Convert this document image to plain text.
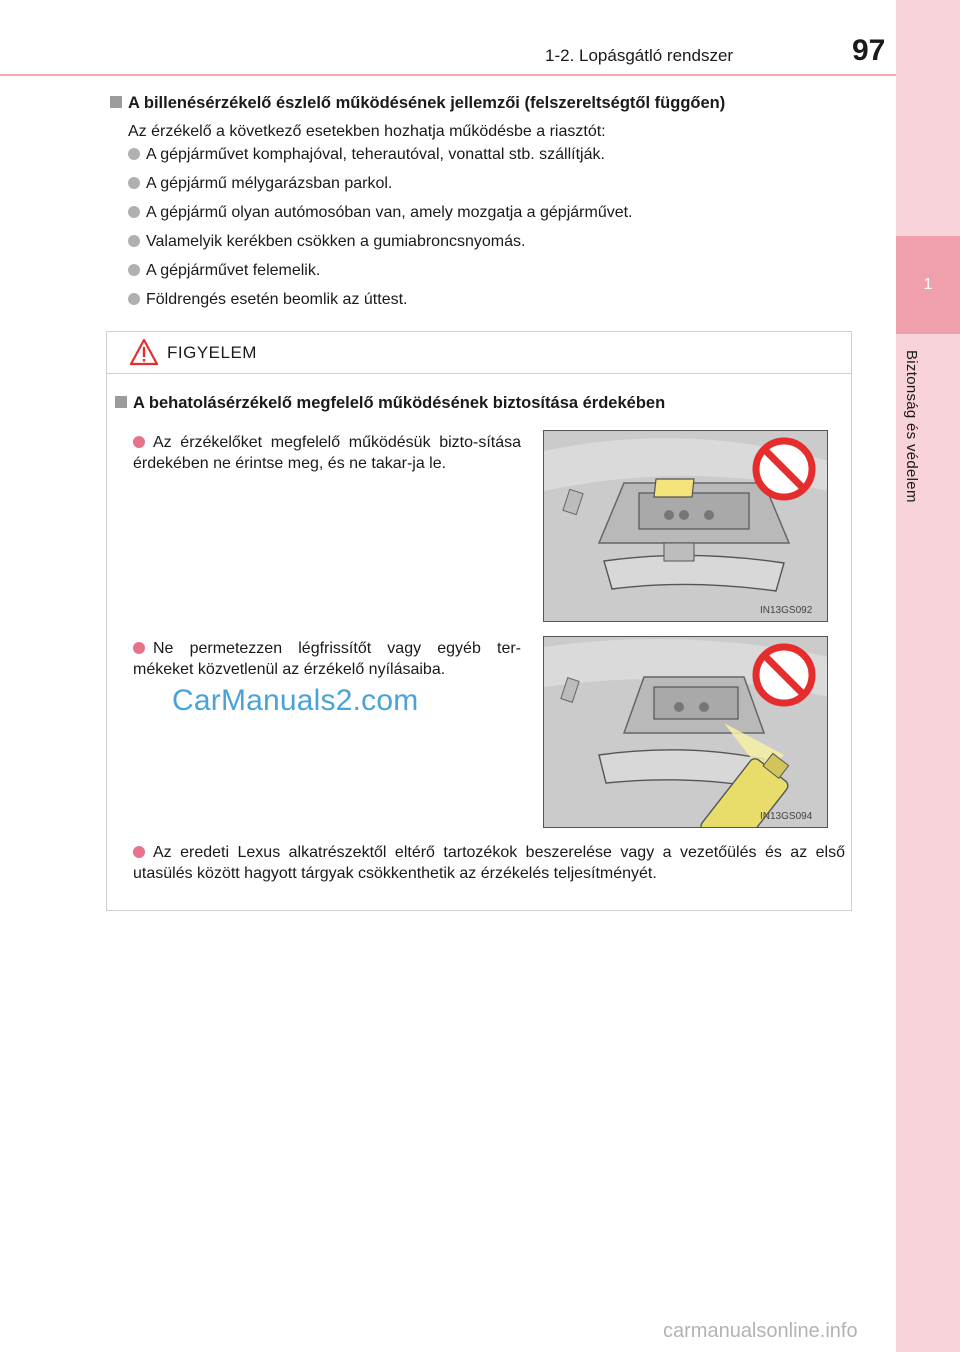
1-2. Lopásgátló rendszer	97
1
Biztonság és védelem
A billenésérzékelő észlelő működésének jellemzői (felszereltségtől függően)
Az érzékelő a következő esetekben hozhatja működésbe a riasztót:
A gépjárművet komphajóval, teherautóval, vonattal stb. szállítják.
A gépjármű mélygarázsban parkol.
A gépjármű olyan autómosóban van, amely mozgatja a gépjárművet.
Valamelyik kerékben csökken a gumiabroncsnyomás.
A gépjárművet felemelik.
Földrengés esetén beomlik az úttest.
FIGYELEM
A behatolásérzékelő megfelelő működésének biztosítása érdekében
Az érzékelőket megfelelő működésük bizto-sítása érdekében ne érintse meg, és ne takar-ja le.
Ne permetezzen légfrissítőt vagy egyéb ter-mékeket közvetlenül az érzékelő nyílásaiba.
Az eredeti Lexus alkatrészektől eltérő tartozékok beszerelése vagy a vezetőülés és az első utasülés között hagyott tárgyak csökkenthetik az érzékelés teljesítményét.
IN13GS092
IN13GS094
CarManuals2.com
carmanualsonline.info
